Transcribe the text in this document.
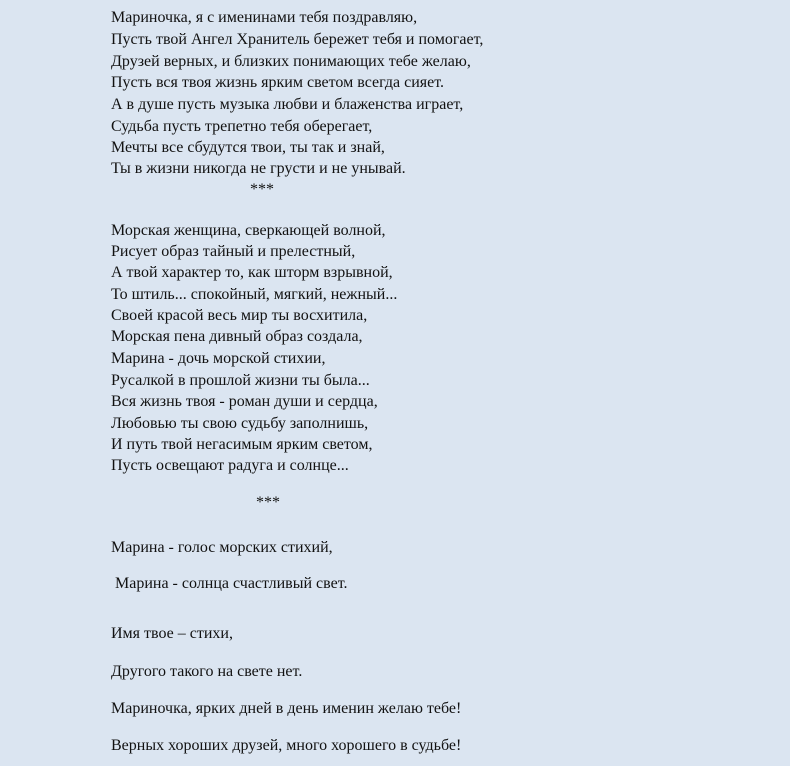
Мариночка, я с именинами тебя поздравляю,
Пусть твой Ангел Хранитель бережет тебя и помогает,
Друзей верных, и близких понимающих тебе желаю,
Пусть вся твоя жизнь ярким светом всегда сияет.
А в душе пусть музыка любви и блаженства играет,
Судьба пусть трепетно тебя оберегает,
Мечты все сбудутся твои, ты так и знай,
Ты в жизни никогда не грусти и не унывай.
***
Морская женщина, сверкающей волной,
Рисует образ тайный и прелестный,
А твой характер то, как шторм взрывной,
То штиль... спокойный, мягкий, нежный...
Своей красой весь мир ты восхитила,
Морская пена дивный образ создала,
Марина - дочь морской стихии,
Русалкой в прошлой жизни ты была...
Вся жизнь твоя - роман души и сердца,
Любовью ты свою судьбу заполнишь,
И путь твой негасимым ярким светом,
Пусть освещают радуга и солнце...
***
Марина - голос морских стихий,
Марина - солнца счастливый свет.
Имя твое – стихи,
Другого такого на свете нет.
Мариночка, ярких дней в день именин желаю тебе!
Верных хороших друзей, много хорошего в судьбе!
